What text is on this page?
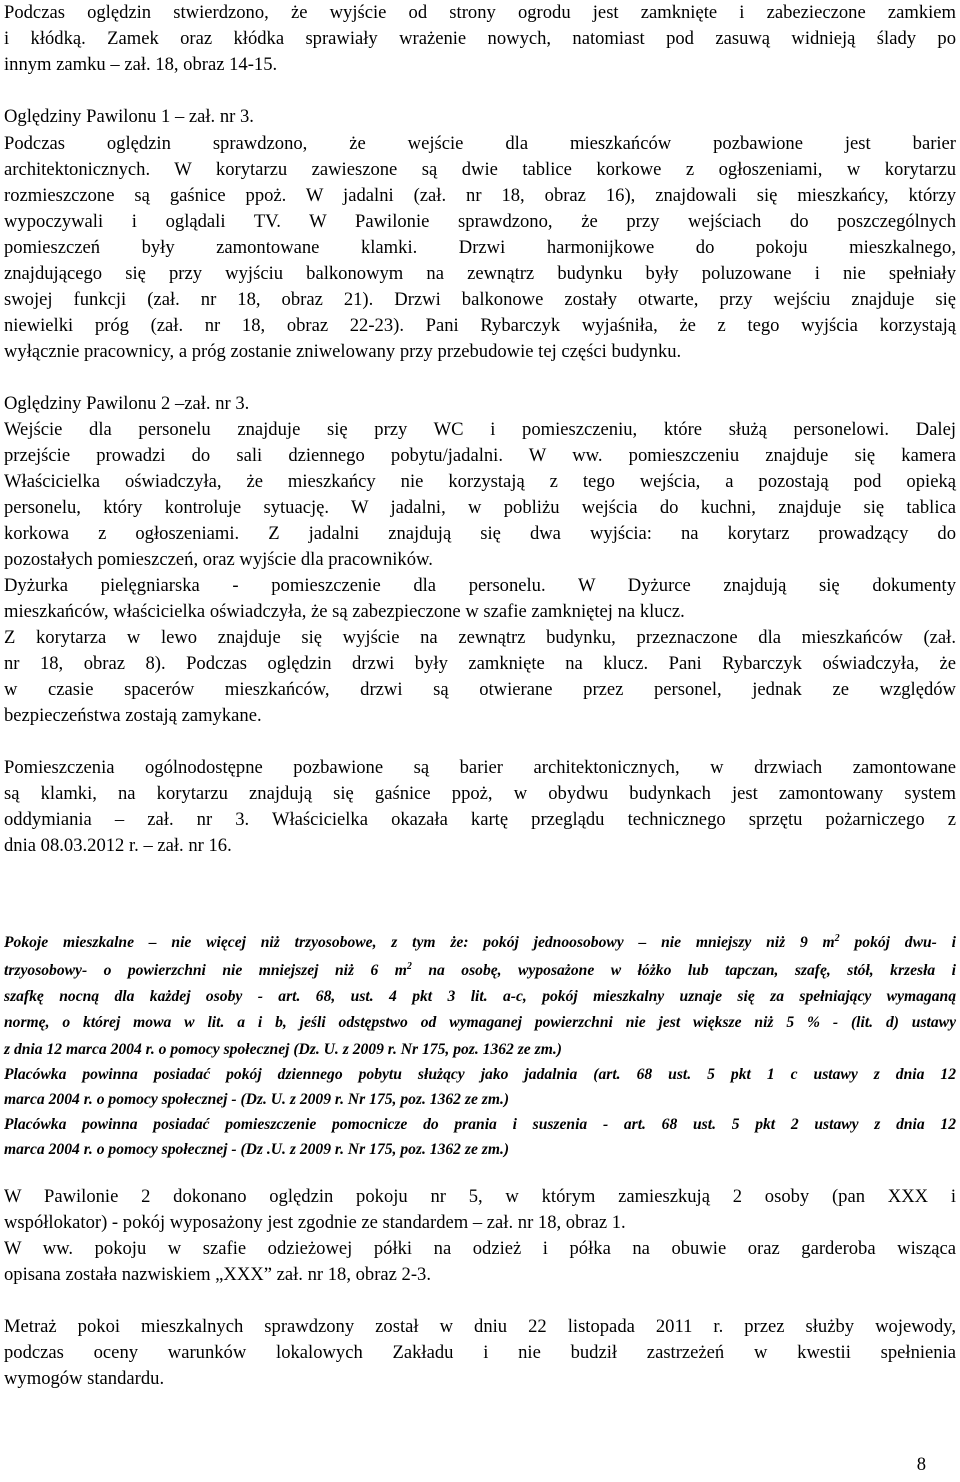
Podczas oględzin stwierdzono, że wyjście od strony ogrodu jest zamknięte i zabezieczone zamkiem
i kłódką. Zamek oraz kłódka sprawiały wrażenie nowych, natomiast pod zasuwą widnieją ślady po
innym zamku – zał. 18, obraz 14-15.
Oględziny Pawilonu 1 – zał. nr 3.
Podczas oględzin sprawdzono, że wejście dla mieszkańców pozbawione jest barier
architektonicznych. W korytarzu zawieszone są dwie tablice korkowe z ogłoszeniami, w korytarzu
rozmieszczone są gaśnice ppoż. W jadalni (zał. nr 18, obraz 16), znajdowali się mieszkańcy, którzy
wypoczywali i oglądali TV. W Pawilonie sprawdzono, że przy wejściach do poszczególnych
pomieszczeń były zamontowane klamki. Drzwi harmonijkowe do pokoju mieszkalnego,
znajdującego się przy wyjściu balkonowym na zewnątrz budynku były poluzowane i nie spełniały
swojej funkcji (zał. nr 18, obraz 21). Drzwi balkonowe zostały otwarte, przy wejściu znajduje się
niewielki próg (zał. nr 18, obraz 22-23). Pani Rybarczyk wyjaśniła, że z tego wyjścia korzystają
wyłącznie pracownicy, a próg zostanie zniwelowany przy przebudowie tej części budynku.
Oględziny Pawilonu 2 –zał. nr 3.
Wejście dla personelu znajduje się przy WC i pomieszczeniu, które służą personelowi. Dalej
przejście prowadzi do sali dziennego pobytu/jadalni. W ww. pomieszczeniu znajduje się kamera
Właścicielka oświadczyła, że mieszkańcy nie korzystają z tego wejścia, a pozostają pod opieką
personelu, który kontroluje sytuację. W jadalni, w pobliżu wejścia do kuchni, znajduje się tablica
korkowa z ogłoszeniami. Z jadalni znajdują się dwa wyjścia: na korytarz prowadzący do
pozostałych pomieszczeń, oraz wyjście dla pracowników.
Dyżurka pielęgniarska - pomieszczenie dla personelu. W Dyżurce znajdują się dokumenty
mieszkańców, właścicielka oświadczyła, że są zabezpieczone w szafie zamkniętej na klucz.
Z korytarza w lewo znajduje się wyjście na zewnątrz budynku, przeznaczone dla mieszkańców (zał.
nr 18, obraz 8). Podczas oględzin drzwi były zamknięte na klucz. Pani Rybarczyk oświadczyła, że
w czasie spacerów mieszkańców, drzwi są otwierane przez personel, jednak ze względów
bezpieczeństwa zostają zamykane.
Pomieszczenia ogólnodostępne pozbawione są barier architektonicznych, w drzwiach zamontowane
są klamki, na korytarzu znajdują się gaśnice ppoż, w obydwu budynkach jest zamontowany system
oddymiania – zał. nr 3. Właścicielka okazała kartę przeglądu technicznego sprzętu pożarniczego z
dnia 08.03.2012 r. – zał. nr 16.
Pokoje mieszkalne – nie więcej niż trzyosobowe, z tym że: pokój jednoosobowy – nie mniejszy niż 9 $m^2$ pokój dwu- i
trzyosobowy- o powierzchni nie mniejszej niż 6 $m^2$ na osobę, wyposażone w łóżko lub tapczan, szafę, stół, krzesła i
szafkę nocną dla każdej osoby - art. 68, ust. 4 pkt 3 lit. a-c, pokój mieszkalny uznaje się za spełniający wymaganą
normę, o której mowa w lit. a i b, jeśli odstępstwo od wymaganej powierzchni nie jest większe niż 5 % - (lit. d) ustawy
z dnia 12 marca 2004 r. o pomocy społecznej (Dz. U. z 2009 r. Nr 175, poz. 1362 ze zm.)
Placówka powinna posiadać pokój dziennego pobytu służący jako jadalnia (art. 68 ust. 5 pkt 1 c ustawy z dnia 12
marca 2004 r. o pomocy społecznej - (Dz. U. z 2009 r. Nr 175, poz. 1362 ze zm.)
Placówka powinna posiadać pomieszczenie pomocnicze do prania i suszenia - art. 68 ust. 5 pkt 2 ustawy z dnia 12
marca 2004 r. o pomocy społecznej - (Dz .U. z 2009 r. Nr 175, poz. 1362 ze zm.)
W Pawilonie 2 dokonano oględzin pokoju nr 5, w którym zamieszkują 2 osoby (pan XXX i
współlokator) - pokój wyposażony jest zgodnie ze standardem – zał. nr 18, obraz 1.
W ww. pokoju w szafie odzieżowej półki na odzież i półka na obuwie oraz garderoba wisząca
opisana została nazwiskiem „XXX” zał. nr 18, obraz 2-3.
Metraż pokoi mieszkalnych sprawdzony został w dniu 22 listopada 2011 r. przez służby wojewody,
podczas oceny warunków lokalowych Zakładu i nie budził zastrzeżeń w kwestii spełnienia
wymogów standardu.
8
